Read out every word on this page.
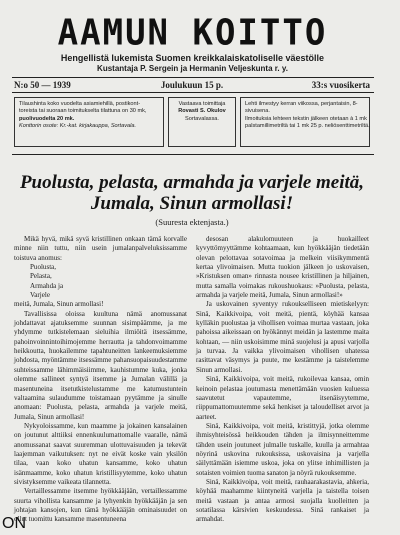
AAMUN KOITTO
Hengellistä lukemista Suomen kreikkalaiskatoliselle väestölle
Kustantaja P. Sergein ja Hermanin Veljeskunta r. y.
N:o 50 — 1939	Joulukuun 15 p.	33:s vuosikerta
Tilaushinta koko vuodelta asiamiehillä, postikont-
toreista tai suoraan toimitukselta tilattuna on 30 mk,
puolivuodelta 20 mk.
Konttorin osote: Kr.-kat. kirjakauppa, Sortavala.
Vastaava toimittaja
Rovasti S. Okulov
Sortavalassa.
Lehti ilmestyy kerran viikossa, perjantaisin, 8-
sivuisena.
Ilmoituksia lehteen tekstin jälkeen otetaan à 1 mk
palstamillimetriltä tai 1 mk 25 p. neliösenttimetriltä.
Puolusta, pelasta, armahda ja varjele meitä,
Jumala, Sinun armollasi!
(Suuresta ektenjasta.)

Mikä hyvä, mikä syvä kristillinen onkaan tämä korvalle minne niin tuttu, niin usein jumalanpalveluksissamme toistuva anomus:

Puolusta,

Pelasta,

Armahda ja

Varjele

meitä, Jumala, Sinun armollasi!

Tavallisissa oloissa kuultuna nämä anomussanat johdattavat ajatuksemme suunnan sisimpäämme, ja me yhdymme tutkistelemaan sieluihia ilmiöitä itsessämme, pahoinvoinnintoihimojemme herrautta ja tahdonvoimamme heikkoutta, huokailemme tapahtuneitten lankeemuksiemme johdosta, myöntämme itsessämme pahansuopaisuudestamme suhteissamme lähimmäisiimme, kauhistumme kuka, jonka olemme sallineet syntyä itsemme ja Jumalan välillä ja masentuneina itsetutkistelustamme me katumustuntein valtaamina sulaudumme toistamaan pyytämme ja sinulle anomaan: Puolusta, pelasta, armahda ja varjele meitä, Jumala, Sinun armollasi!

Nykyoloissamme, kun maamme ja jokainen kansalainen on joutunut alttiiksi ennenkuulumattomalle vaaralle, nämä anomussanat saavat suuremman ulottuvaisuuden ja tekevät laajemman vaikutuksen: nyt ne eivät koske vain yksilön tilaa, vaan koko uhatun kansamme, koko uhatun isänmaamme, koko uhatun kristillisyytemme, koko uhatun sivistyksemme vaikeata tilannetta.

Vertaillessamme itsemme hyökkääjään, vertaillessamme suurta vihollista kansamme ja lyhyenkin hyökkääjän ja sen johtajan kansojen, kun tämä hyökkääjän ominaisuudet on ollut tuomittu kansamme masentuneena

desosan alakulomuuteen ja huokailleet kyvyttömyyttämme kohtaamaan, kun hyökkääjän tiedetään olevan pelottavaa sotavoimaa ja melkein viisikymmentä kertaa ylivoimaisen. Mutta tuokion jälkeen jo uskovaisen, »Kristuksen oman» rinnasta nousee kristillinen ja hiljainen, mutta samalla voimakas rukoushuokaus: »Puolusta, pelasta, armahda ja varjele meitä, Jumala, Sinun armollasi!»

Ja uskovainen syventyy rukoukselliseen mietiskelyyn: Sinä, Kaikkivoipa, voit meitä, pientä, köyhää kansaa kylläkin puolustaa ja vihollisen voimaa murtaa vastaan, joka pahoissa aikeissaan on hyökännyt meidän ja lastemme maita kohtaan, — niin uskoisimme minä suojelusi ja apusi varjolla ja turvaa. Ja vaikka ylivoimaisen vihollisen uhatessa rasittavat väsymys ja puute, me kestämme ja taistelemme Sinun armollasi.

Sinä, Kaikkivoipa, voit meitä, rukoilevaa kansaa, omin keinoin pelastaa joutumasta menettämään vuosien kuluessa saavutetut vapautemme, itsenäisyytemme, riippumattomuutemme sekä henkiset ja taloudelliset arvot ja aarteet.

Sinä, Kaikkivoipa, voit meitä, kristittyjä, jotka olemme ihmisyhteisössä heikkouden tähden ja ilmisynneittemme tähden usein joutuneet julmalle tuskalle, kuulla ja armahtaa nöyrinä uskovina rukouksissa, uskovaisina ja varjella säilyttämään isiemme uskoa, joka on ylitse inhimillisten ja sotaisten voimien tuoma sanaton ja nöyrä rukouksemme.

Sinä, Kaikkivoipa, voit meitä, rauhaarakastavia, ahkeria, köyhää maahamme kiintyneitä varjella ja taistella toisen meitä vastaan ja antaa armosi suojalla kuolleitten ja sotatilassa kärsivien keskuudessa. Sinä rankaiset ja armahdat.

ON
